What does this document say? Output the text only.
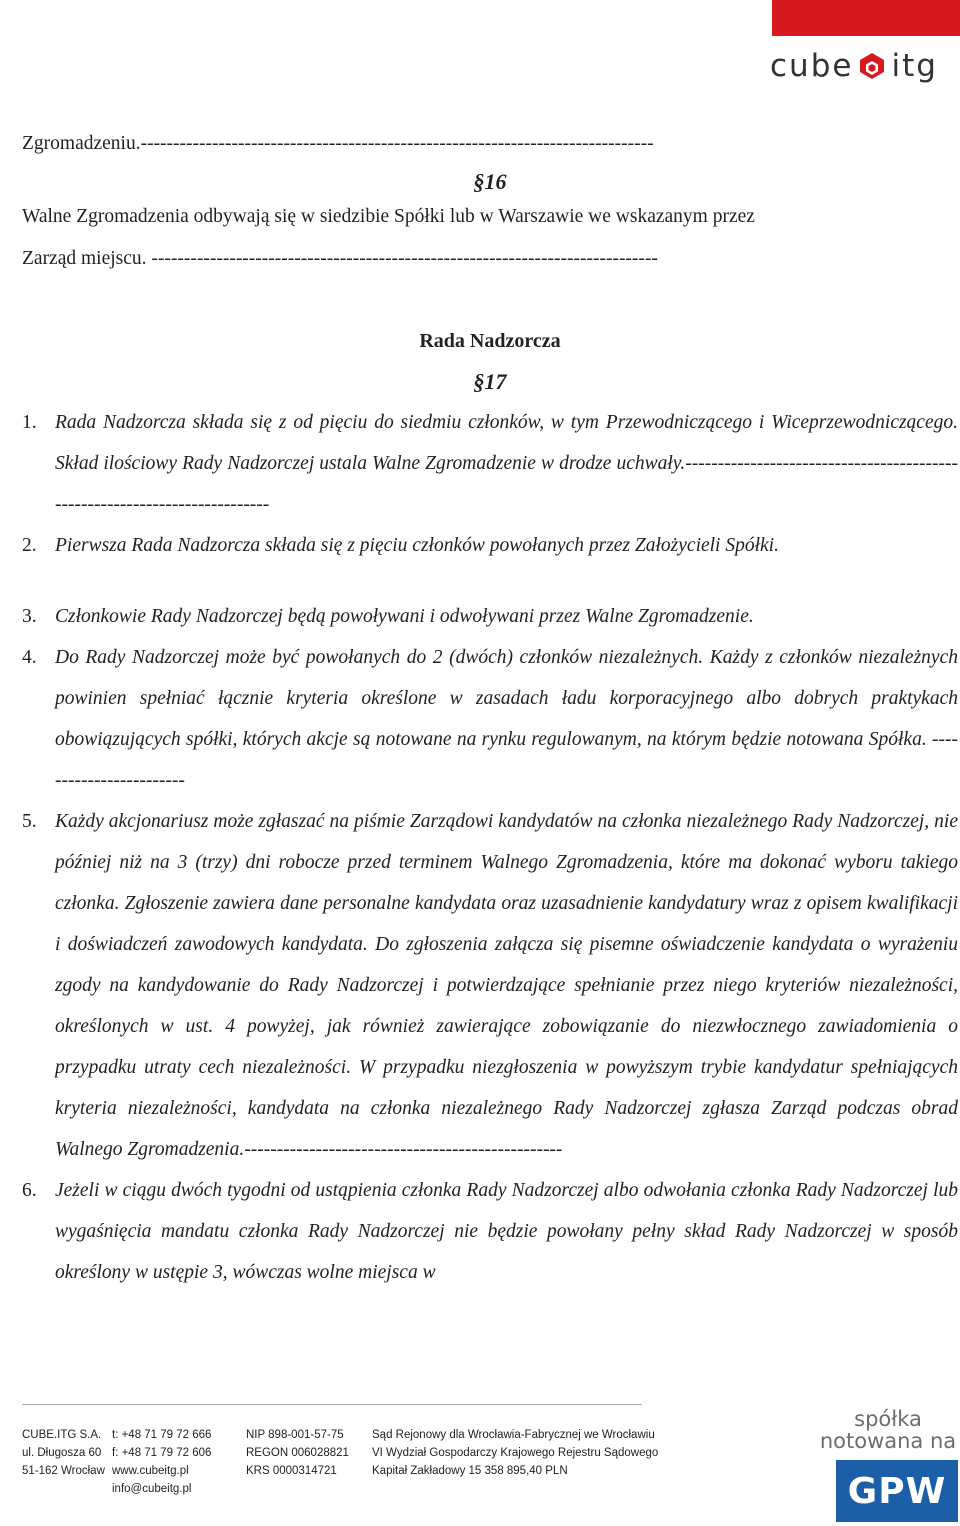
cube itg

Zgromadzeniu.-------------------------------------------------------------------------------

§16

Walne Zgromadzenia odbywają się w siedzibie Spółki lub w Warszawie we wskazanym przez

Zarząd miejscu. ------------------------------------------------------------------------------

Rada Nadzorcza

§17

1. Rada Nadzorcza składa się z od pięciu do siedmiu członków, w tym Przewodniczącego i Wiceprzewodniczącego. Skład ilościowy Rady Nadzorczej ustala Walne Zgromadzenie w drodze uchwały.---------------------------------------------------------------------------
2. Pierwsza Rada Nadzorcza składa się z pięciu członków powołanych przez Założycieli Spółki.
3. Członkowie Rady Nadzorczej będą powoływani i odwoływani przez Walne Zgromadzenie.
4. Do Rady Nadzorczej może być powołanych do 2 (dwóch) członków niezależnych. Każdy z członków niezależnych powinien spełniać łącznie kryteria określone w zasadach ładu korporacyjnego albo dobrych praktykach obowiązujących spółki, których akcje są notowane na rynku regulowanym, na którym będzie notowana Spółka. ------------------------
5. Każdy akcjonariusz może zgłaszać na piśmie Zarządowi kandydatów na członka niezależnego Rady Nadzorczej, nie później niż na 3 (trzy) dni robocze przed terminem Walnego Zgromadzenia, które ma dokonać wyboru takiego członka. Zgłoszenie zawiera dane personalne kandydata oraz uzasadnienie kandydatury wraz z opisem kwalifikacji i doświadczeń zawodowych kandydata. Do zgłoszenia załącza się pisemne oświadczenie kandydata o wyrażeniu zgody na kandydowanie do Rady Nadzorczej i potwierdzające spełnianie przez niego kryteriów niezależności, określonych w ust. 4 powyżej, jak również zawierające zobowiązanie do niezwłocznego zawiadomienia o przypadku utraty cech niezależności. W przypadku niezgłoszenia w powyższym trybie kandydatur spełniających kryteria niezależności, kandydata na członka niezależnego Rady Nadzorczej zgłasza Zarząd podczas obrad Walnego Zgromadzenia.-------------------------------------------------
6. Jeżeli w ciągu dwóch tygodni od ustąpienia członka Rady Nadzorczej albo odwołania członka Rady Nadzorczej lub wygaśnięcia mandatu członka Rady Nadzorczej nie będzie powołany pełny skład Rady Nadzorczej w sposób określony w ustępie 3, wówczas wolne miejsca w
CUBE.ITG S.A.
ul. Długosza 60
51-162 Wrocław
t: +48 71 79 72 666
f: +48 71 79 72 606
www.cubeitg.pl
info@cubeitg.pl
NIP 898-001-57-75
REGON 006028821
KRS 0000314721
Sąd Rejonowy dla Wrocławia-Fabrycznej we Wrocławiu
VI Wydział Gospodarczy Krajowego Rejestru Sądowego
Kapitał Zakładowy 15 358 895,40 PLN
spółka
notowana na
GPW
